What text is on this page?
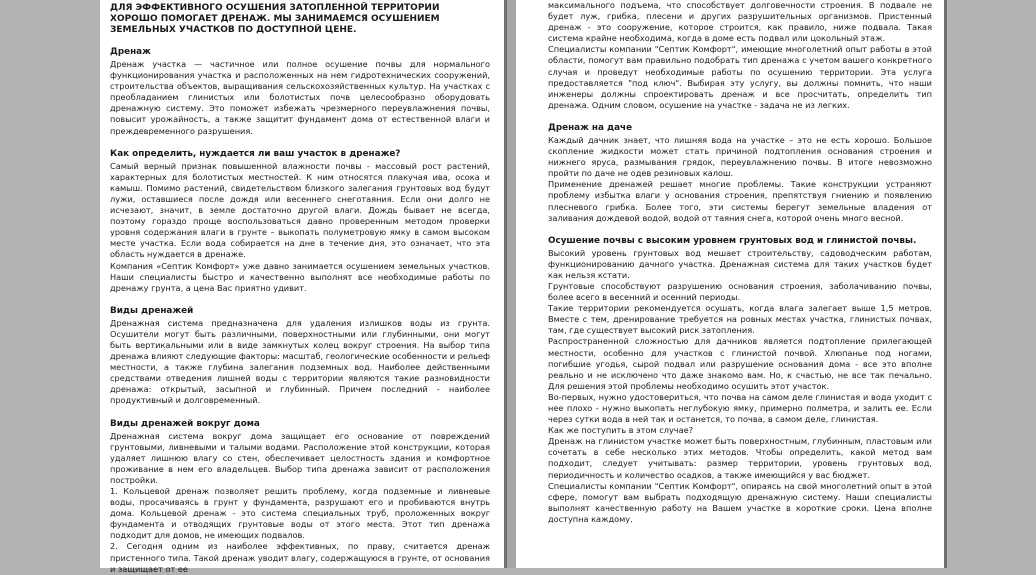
ДЛЯ ЭФФЕКТИВНОГО ОСУШЕНИЯ ЗАТОПЛЕННОЙ ТЕРРИТОРИИ ХОРОШО ПОМОГАЕТ ДРЕНАЖ. МЫ ЗАНИМАЕМСЯ ОСУШЕНИЕМ ЗЕМЕЛЬНЫХ УЧАСТКОВ ПО ДОСТУПНОЙ ЦЕНЕ.
Дренаж

Дренаж участка — частичное или полное осушение почвы для нормального функционирования участка и расположенных на нем гидротехнических сооружений, строительства объектов, выращивания сельскохозяйственных культур. На участках с преобладанием глинистых или болотистых почв целесообразно оборудовать дренажную систему. Это поможет избежать чрезмерного переувлажнения почвы, повысит урожайность, а также защитит фундамент дома от естественной влаги и преждевременного разрушения.

Как определить, нуждается ли ваш участок в дренаже?

Самый верный признак повышенной влажности почвы - массовый рост растений, характерных для болотистых местностей. К ним относятся плакучая ива, осока и камыш. Помимо растений, свидетельством близкого залегания грунтовых вод будут лужи, оставшиеся после дождя или весеннего снеготаяния. Если они долго не исчезают, значит, в земле достаточно другой влаги. Дождь бывает не всегда, поэтому гораздо проще воспользоваться давно проверенным методом проверки уровня содержания влаги в грунте – выкопать полуметровую ямку в самом высоком месте участка. Если вода собирается на дне в течение дня, это означает, что эта область нуждается в дренаже.

Компания «Септик Комфорт» уже давно занимается осушением земельных участков. Наши специалисты быстро и качественно выполнят все необходимые работы по дренажу грунта, а цена Вас приятно удивит.

Виды дренажей

Дренажная система предназначена для удаления излишков воды из грунта. Осушители могут быть различными, поверхностными или глубинными, они могут быть вертикальными или в виде замкнутых колец вокруг строения. На выбор типа дренажа влияют следующие факторы: масштаб, геологические особенности и рельеф местности, а также глубина залегания подземных вод. Наиболее действенными средствами отведения лишней воды с территории являются такие разновидности дренажа: открытый, засыпной и глубинный. Причем последний - наиболее продуктивный и долговременный.

Виды дренажей вокруг дома

Дренажная система вокруг дома защищает его основание от повреждений грунтовыми, ливневыми и талыми водами. Расположение этой конструкции, которая удаляет лишнюю влагу со стен, обеспечивает целостность здания и комфортное проживание в нем его владельцев. Выбор типа дренажа зависит от расположения постройки.

1. Кольцевой дренаж позволяет решить проблему, когда подземные и ливневые воды, просачиваясь в грунт у фундамента, разрушают его и пробиваются внутрь дома. Кольцевой дренаж - это система специальных труб, проложенных вокруг фундамента и отводящих грунтовые воды от этого места. Этот тип дренажа подходит для домов, не имеющих подвалов.

2. Сегодня одним из наиболее эффективных, по праву, считается дренаж пристенного типа. Такой дренаж уводит влагу, содержащуюся в грунте, от основания и защищает от ее

максимального подъема, что способствует долговечности строения. В подвале не будет луж, грибка, плесени и других разрушительных организмов. Пристенный дренаж - это сооружение, которое строится, как правило, ниже подвала. Такая система крайне необходима, когда в доме есть подвал или цокольный этаж.

Специалисты компании "Септик Комфорт", имеющие многолетний опыт работы в этой области, помогут вам правильно подобрать тип дренажа с учетом вашего конкретного случая и проведут необходимые работы по осушению территории. Эта услуга предоставляется "под ключ". Выбирая эту услугу, вы должны помнить, что наши инженеры должны спроектировать дренаж и все просчитать, определить тип дренажа. Одним словом, осушение на участке - задача не из легких.

Дренаж на даче

Каждый дачник знает, что лишняя вода на участке – это не есть хорошо. Большое скопление жидкости может стать причиной подтопления основания строения и нижнего яруса, размывания грядок, переувлажнению почвы. В итоге невозможно пройти по даче не одев резиновых калош.

Применение дренажей решает многие проблемы. Такие конструкции устраняют проблему избытка влаги у основания строения, препятствуя гниению и появлению плесневого грибка. Более того, эти системы берегут земельные владения от заливания дождевой водой, водой от таяния снега, которой очень много весной.

Осушение почвы с высоким уровнем грунтовых вод и глинистой почвы.

Высокий уровень грунтовых вод мешает строительству, садоводческим работам, функционированию дачного участка. Дренажная система для таких участков будет как нельзя кстати.

Грунтовые способствуют разрушению основания строения, заболачиванию почвы, более всего в весенний и осенний периоды.

Такие территории рекомендуется осушать, когда влага залегает выше 1,5 метров. Вместе с тем, дренирование требуется на ровных местах участка, глинистых почвах, там, где существует высокий риск затопления.

Распространенной сложностью для дачников является подтопление прилегающей местности, особенно для участков с глинистой почвой. Хлюпанье под ногами, погибшие угодья, сырой подвал или разрушение основания дома - все это вполне реально и не исключено что даже знакомо вам. Но, к счастью, не все так печально. Для решения этой проблемы необходимо осушить этот участок.

Во-первых, нужно удостовериться, что почва на самом деле глинистая и вода уходит с нее плохо - нужно выкопать неглубокую ямку, примерно полметра, и залить ее. Если через сутки вода в ней так и останется, то почва, в самом деле, глинистая.

Как же поступить в этом случае?

Дренаж на глинистом участке может быть поверхностным, глубинным, пластовым или сочетать в себе несколько этих методов. Чтобы определить, какой метод вам подходит, следует учитывать: размер территории, уровень грунтовых вод, периодичность и количество осадков, а также имеющийся у вас бюджет.

Специалисты компании "Септик Комфорт", опираясь на свой многолетний опыт в этой сфере, помогут вам выбрать подходящую дренажную систему. Наши специалисты выполнят качественную работу на Вашем участке в короткие сроки. Цена вполне доступна каждому.
